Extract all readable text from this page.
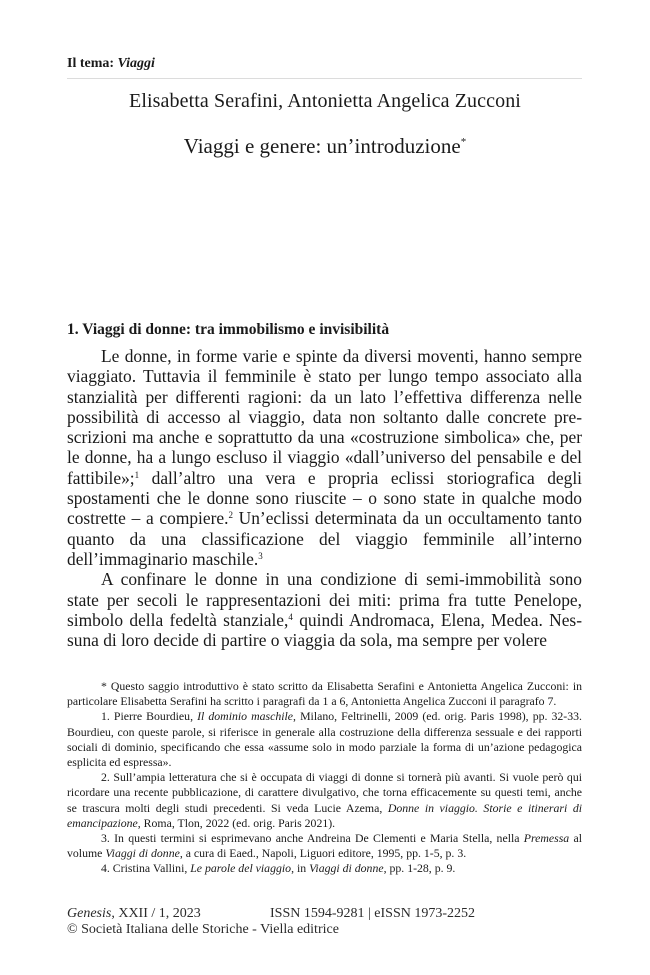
Il tema: Viaggi
Elisabetta Serafini, Antonietta Angelica Zucconi
Viaggi e genere: un’introduzione*
1. Viaggi di donne: tra immobilismo e invisibilità

Le donne, in forme varie e spinte da diversi moventi, hanno sempre viaggiato. Tuttavia il femminile è stato per lungo tempo associato alla stanzialità per differenti ragioni: da un lato l’effettiva differenza nelle possibilità di accesso al viaggio, data non soltanto dalle concrete prescrizioni ma anche e soprattutto da una «costruzione simbolica» che, per le donne, ha a lungo escluso il viaggio «dall’universo del pensabile e del fattibile»;$^1$ dall’altro una vera e propria eclissi storiografica degli spostamenti che le donne sono riuscite – o sono state in qualche modo costrette – a compiere.$^2$ Un’eclissi determinata da un occultamento tanto quanto da una classificazione del viaggio femminile all’interno dell’immaginario maschile.$^3$

A confinare le donne in una condizione di semi-immobilità sono state per secoli le rappresentazioni dei miti: prima fra tutte Penelope, simbolo della fedeltà stanziale,$^4$ quindi Andromaca, Elena, Medea. Nessuna di loro decide di partire o viaggia da sola, ma sempre per volere

* Questo saggio introduttivo è stato scritto da Elisabetta Serafini e Antonietta Angelica Zucconi: in particolare Elisabetta Serafini ha scritto i paragrafi da 1 a 6, Antonietta Angelica Zucconi il paragrafo 7.

1. Pierre Bourdieu, Il dominio maschile, Milano, Feltrinelli, 2009 (ed. orig. Paris 1998), pp. 32-33. Bourdieu, con queste parole, si riferisce in generale alla costruzione della differenza sessuale e dei rapporti sociali di dominio, specificando che essa «assume solo in modo parziale la forma di un’azione pedagogica esplicita ed espressa».

2. Sull’ampia letteratura che si è occupata di viaggi di donne si tornerà più avanti. Si vuole però qui ricordare una recente pubblicazione, di carattere divulgativo, che torna efficacemente su questi temi, anche se trascura molti degli studi precedenti. Si veda Lucie Azema, Donne in viaggio. Storie e itinerari di emancipazione, Roma, Tlon, 2022 (ed. orig. Paris 2021).

3. In questi termini si esprimevano anche Andreina De Clementi e Maria Stella, nella Premessa al volume Viaggi di donne, a cura di Eaed., Napoli, Liguori editore, 1995, pp. 1-5, p. 3.

4. Cristina Vallini, Le parole del viaggio, in Viaggi di donne, pp. 1-28, p. 9.

Genesis, XXII / 1, 2023	ISSN 1594-9281 | eISSN 1973-2252
© Società Italiana delle Storiche - Viella editrice
